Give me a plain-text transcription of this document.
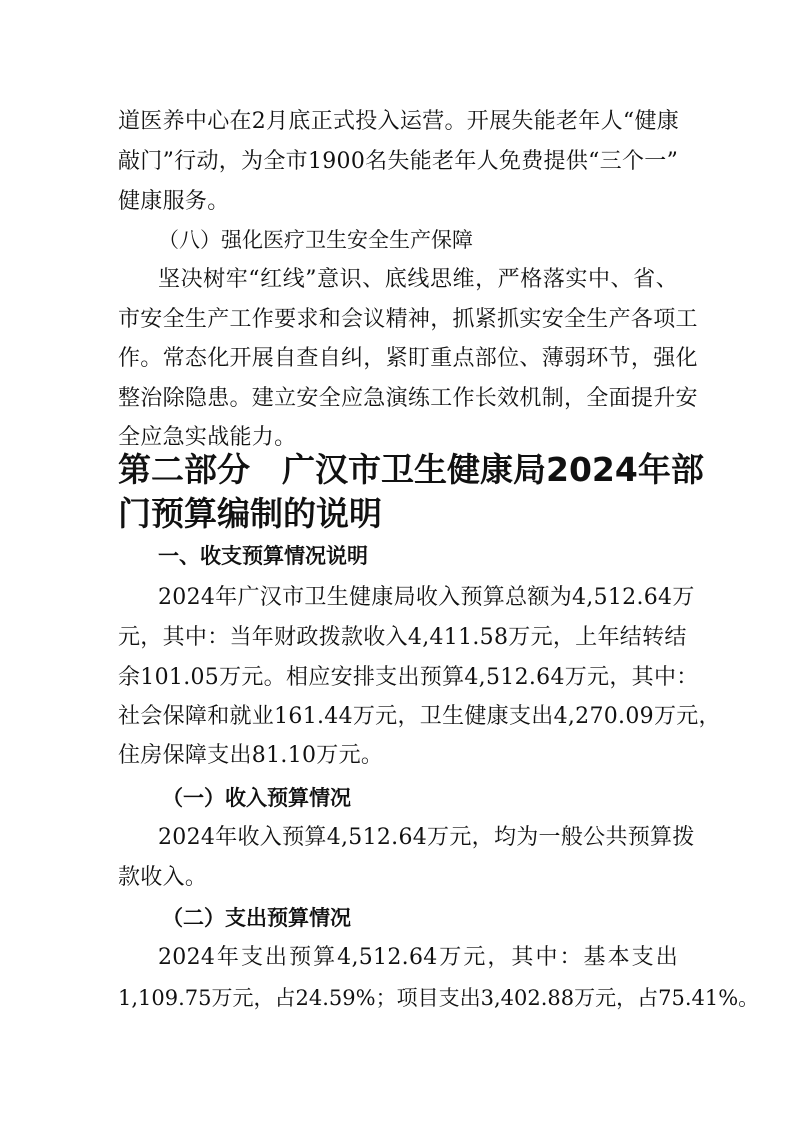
道医养中心在2月底正式投入运营。开展失能老年人“健康
敲门”行动，为全市1900名失能老年人免费提供“三个一”
健康服务。
（八）强化医疗卫生安全生产保障
坚决树牢“红线”意识、底线思维，严格落实中、省、
市安全生产工作要求和会议精神，抓紧抓实安全生产各项工
作。常态化开展自查自纠，紧盯重点部位、薄弱环节，强化
整治除隐患。建立安全应急演练工作长效机制，全面提升安
全应急实战能力。
第二部分 广汉市卫生健康局2024年部
门预算编制的说明
一、收支预算情况说明
2024年广汉市卫生健康局收入预算总额为4,512.64万
元，其中：当年财政拨款收入4,411.58万元，上年结转结
余101.05万元。相应安排支出预算4,512.64万元，其中：
社会保障和就业161.44万元，卫生健康支出4,270.09万元，
住房保障支出81.10万元。
（一）收入预算情况
2024年收入预算4,512.64万元，均为一般公共预算拨
款收入。
（二）支出预算情况
2024年支出预算4,512.64万元，其中：基本支出
1,109.75万元，占24.59%；项目支出3,402.88万元，占75.41%。
